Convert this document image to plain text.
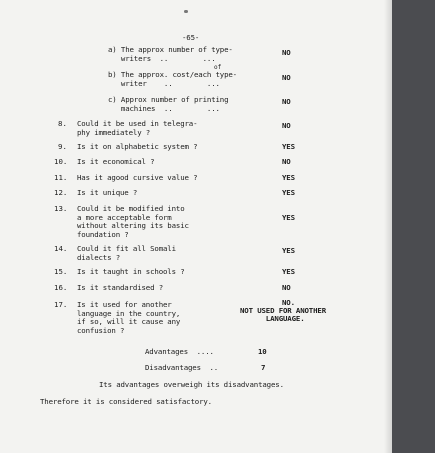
-65-
a) The approx number of type-
writers  ..        ...
NO
of
b) The approx. cost/each type-
writer    ..        ...
NO
c) Approx number of printing
machines  ..        ...
NO
8. Could it be used in telegra-
phy immediately ?
NO
9. Is it on alphabetic system ?	YES
10. Is it economical ?	NO
11. Has it agood cursive value ?	YES
12. Is it unique ?	YES
13. Could it be modified into
a more acceptable form
without altering its basic
foundation ?
YES
14. Could it fit all Somali
dialects ?
YES
15. Is it taught in schools ?	YES
16. Is it standardised ?	NO
17. Is it used for another
language in the country,
if so, will it cause any
confusion ?
NO.
NOT USED FOR ANOTHER
LANGUAGE.
Advantages  ....	10
Disadvantages  ..	7
Its advantages overweigh its disadvantages.
Therefore it is considered satisfactory.
